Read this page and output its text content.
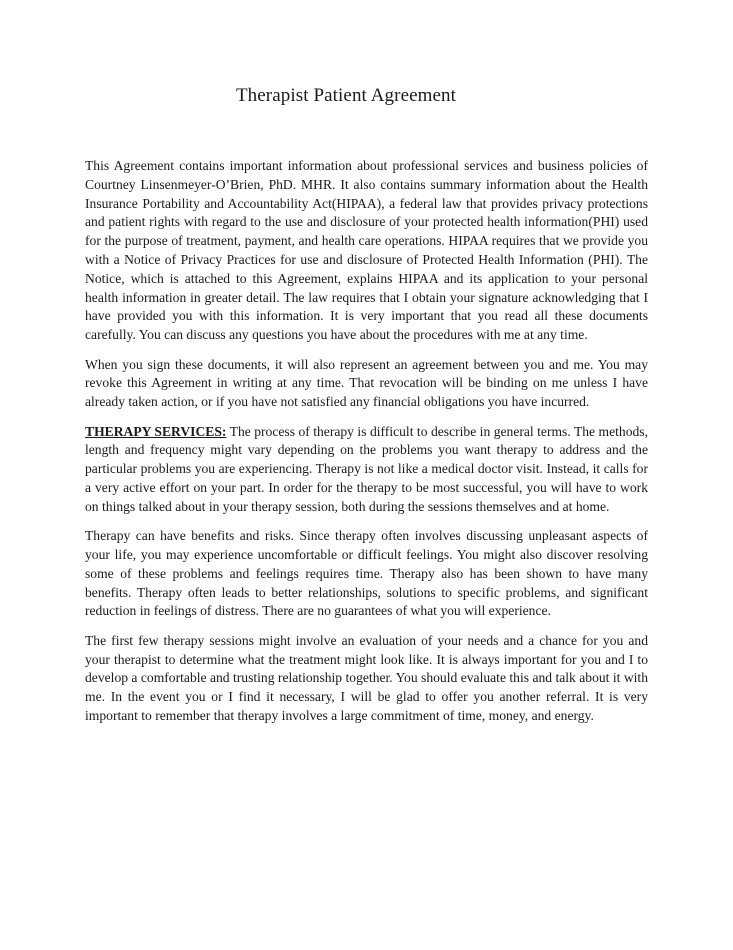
Therapist Patient Agreement

This Agreement contains important information about professional services and business policies of Courtney Linsenmeyer-O’Brien, PhD. MHR. It also contains summary information about the Health Insurance Portability and Accountability Act(HIPAA), a federal law that provides privacy protections and patient rights with regard to the use and disclosure of your protected health information(PHI) used for the purpose of treatment, payment, and health care operations. HIPAA requires that we provide you with a Notice of Privacy Practices for use and disclosure of Protected Health Information (PHI). The Notice, which is attached to this Agreement, explains HIPAA and its application to your personal health information in greater detail. The law requires that I obtain your signature acknowledging that I have provided you with this information. It is very important that you read all these documents carefully. You can discuss any questions you have about the procedures with me at any time.

When you sign these documents, it will also represent an agreement between you and me. You may revoke this Agreement in writing at any time. That revocation will be binding on me unless I have already taken action, or if you have not satisfied any financial obligations you have incurred.

THERAPY SERVICES: The process of therapy is difficult to describe in general terms. The methods, length and frequency might vary depending on the problems you want therapy to address and the particular problems you are experiencing. Therapy is not like a medical doctor visit. Instead, it calls for a very active effort on your part. In order for the therapy to be most successful, you will have to work on things talked about in your therapy session, both during the sessions themselves and at home.

Therapy can have benefits and risks. Since therapy often involves discussing unpleasant aspects of your life, you may experience uncomfortable or difficult feelings. You might also discover resolving some of these problems and feelings requires time. Therapy also has been shown to have many benefits. Therapy often leads to better relationships, solutions to specific problems, and significant reduction in feelings of distress. There are no guarantees of what you will experience.

The first few therapy sessions might involve an evaluation of your needs and a chance for you and your therapist to determine what the treatment might look like. It is always important for you and I to develop a comfortable and trusting relationship together. You should evaluate this and talk about it with me. In the event you or I find it necessary, I will be glad to offer you another referral. It is very important to remember that therapy involves a large commitment of time, money, and energy.
